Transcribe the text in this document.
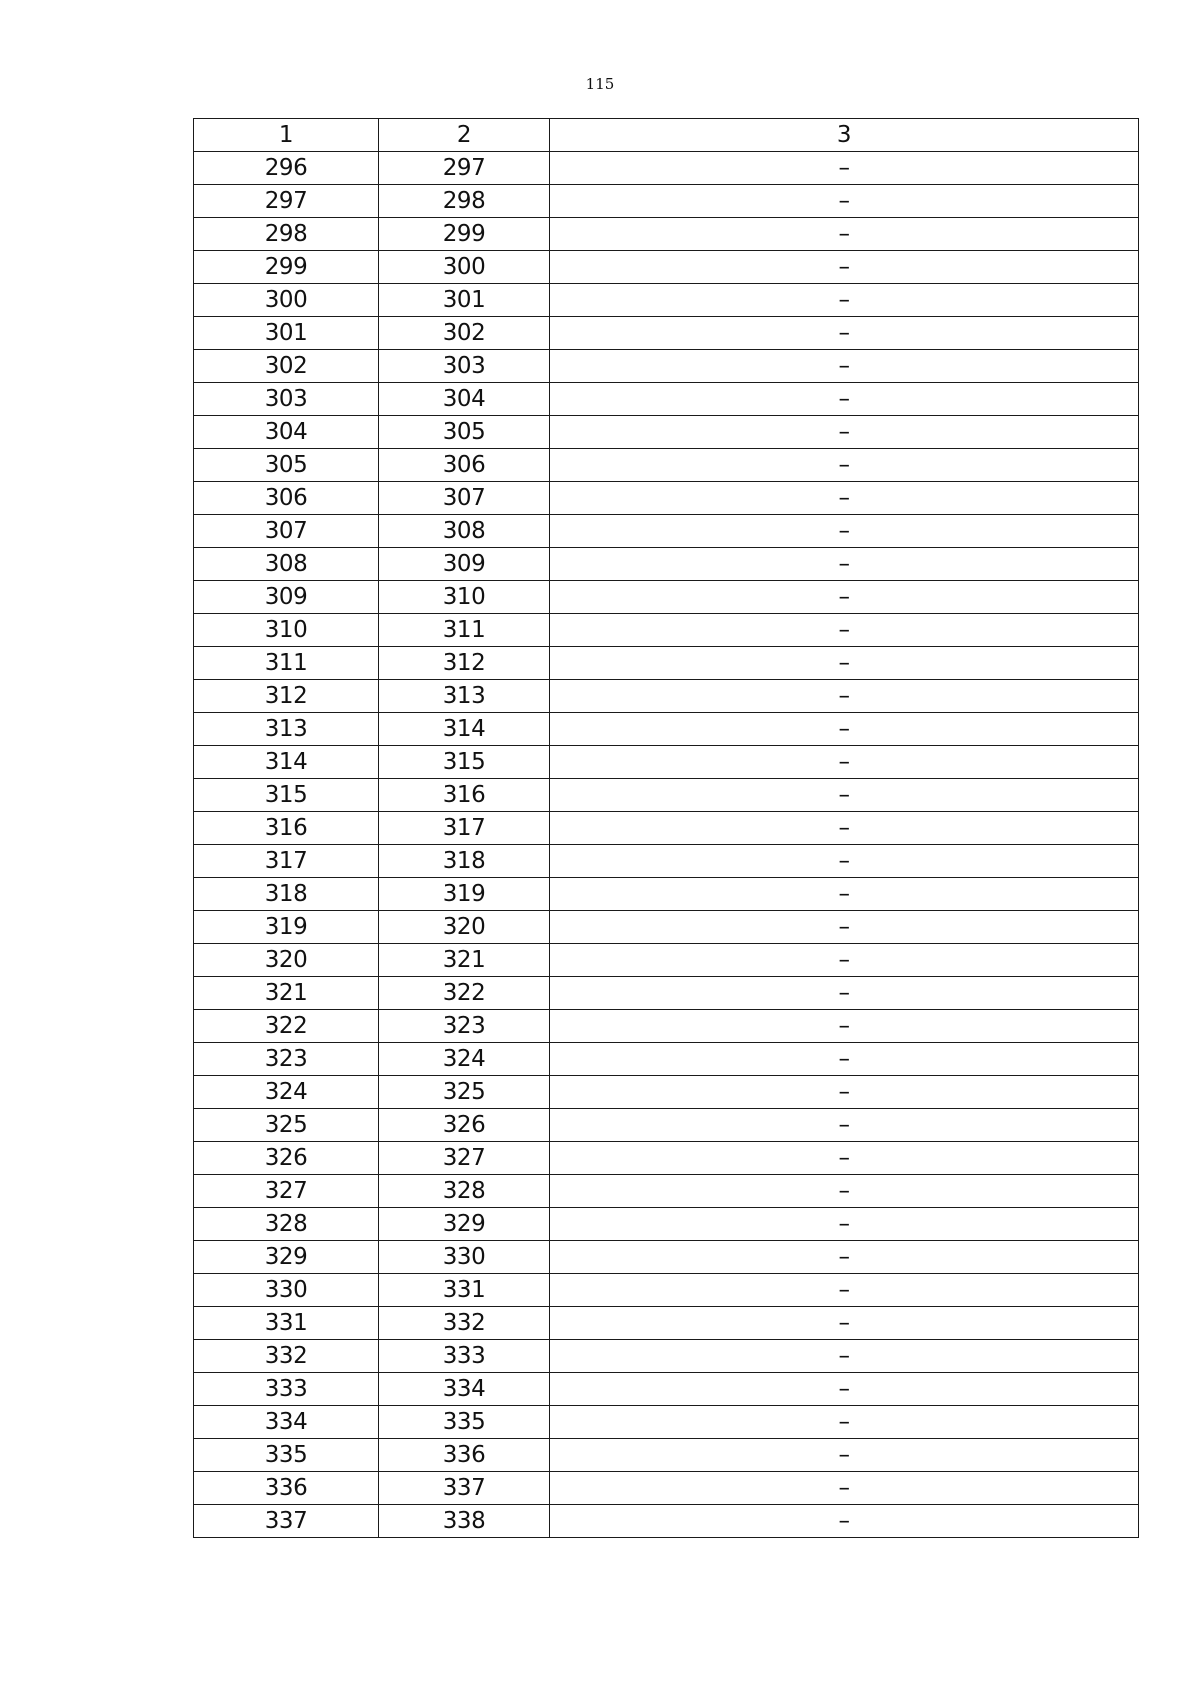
115
1	2	3
296	297	–
297	298	–
298	299	–
299	300	–
300	301	–
301	302	–
302	303	–
303	304	–
304	305	–
305	306	–
306	307	–
307	308	–
308	309	–
309	310	–
310	311	–
311	312	–
312	313	–
313	314	–
314	315	–
315	316	–
316	317	–
317	318	–
318	319	–
319	320	–
320	321	–
321	322	–
322	323	–
323	324	–
324	325	–
325	326	–
326	327	–
327	328	–
328	329	–
329	330	–
330	331	–
331	332	–
332	333	–
333	334	–
334	335	–
335	336	–
336	337	–
337	338	–
